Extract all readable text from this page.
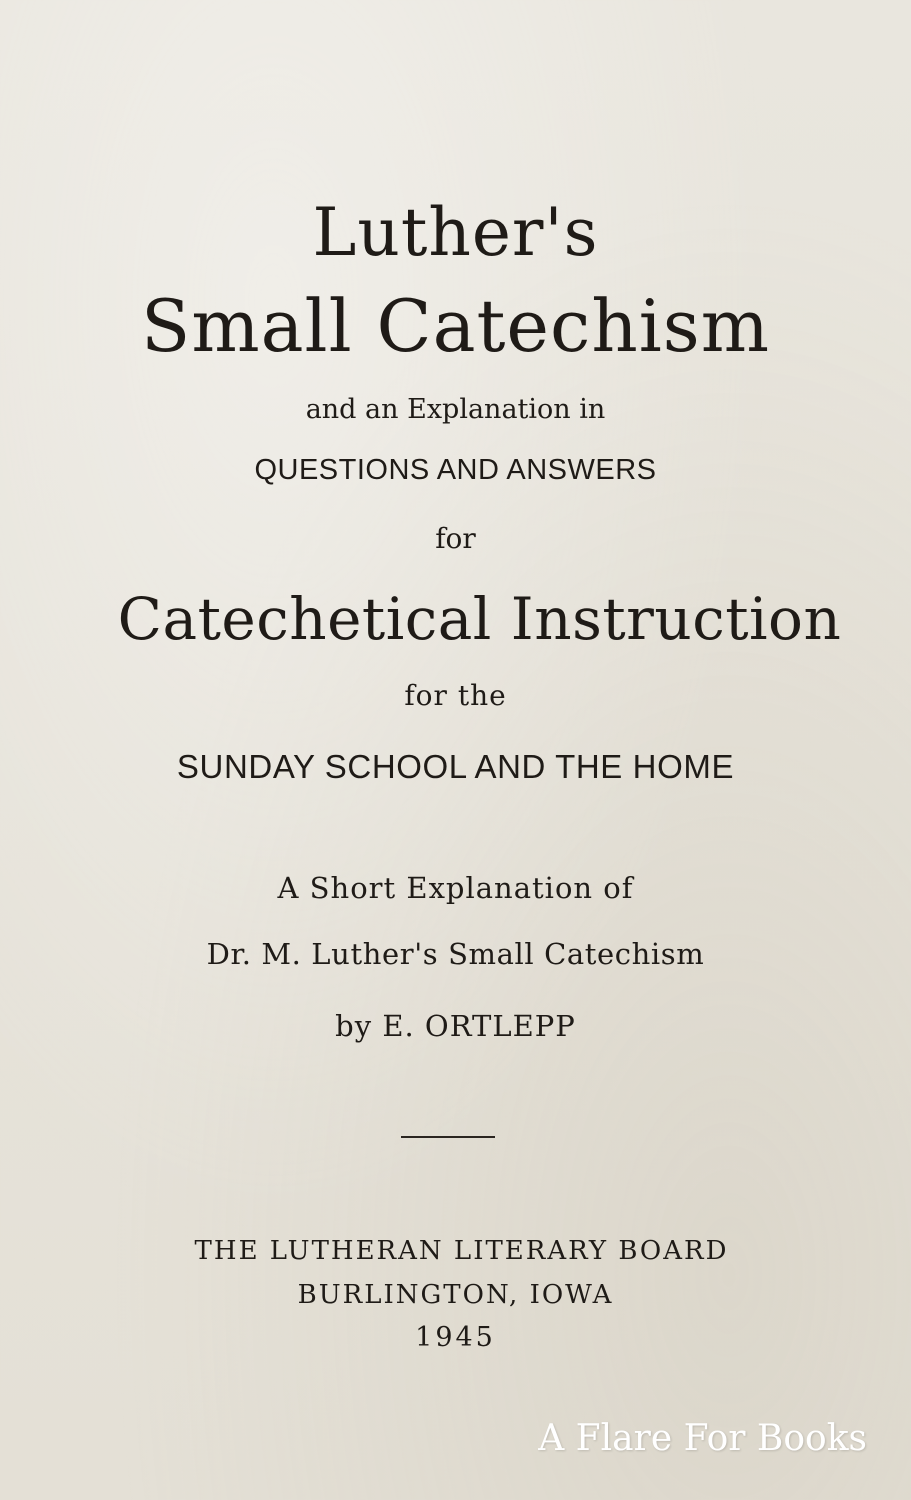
Luther's
Small Catechism
and an Explanation in
QUESTIONS AND ANSWERS
for
Catechetical Instruction
for the
SUNDAY SCHOOL AND THE HOME
A Short Explanation of
Dr. M. Luther's Small Catechism
by E. ORTLEPP
THE LUTHERAN LITERARY BOARD
BURLINGTON, IOWA
1945
A Flare For Books
